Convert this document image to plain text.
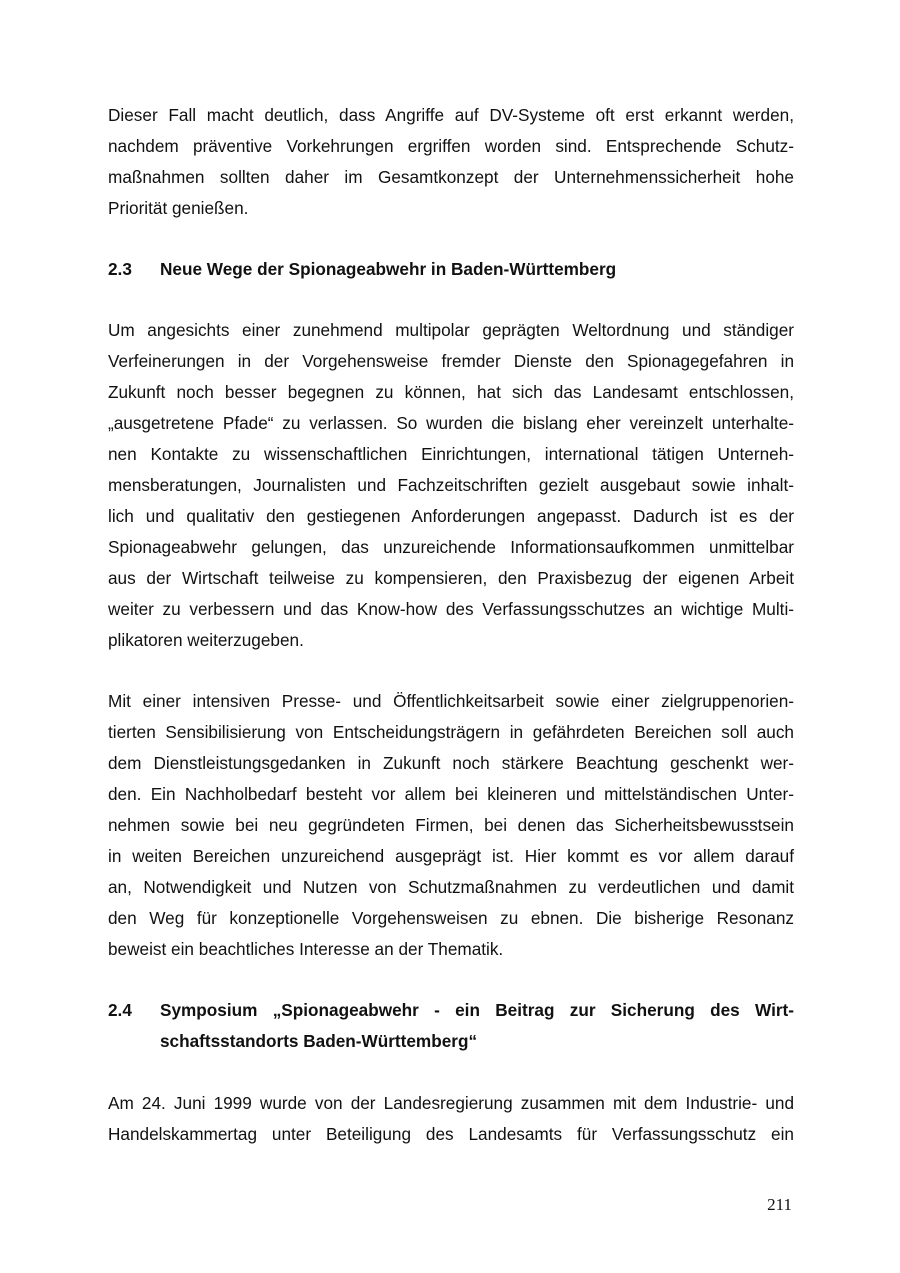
Dieser Fall macht deutlich, dass Angriffe auf DV-Systeme oft erst erkannt werden,
nachdem präventive Vorkehrungen ergriffen worden sind. Entsprechende Schutz-
maßnahmen sollten daher im Gesamtkonzept der Unternehmenssicherheit hohe
Priorität genießen.

2.3 Neue Wege der Spionageabwehr in Baden-Württemberg

Um angesichts einer zunehmend multipolar geprägten Weltordnung und ständiger
Verfeinerungen in der Vorgehensweise fremder Dienste den Spionagegefahren in
Zukunft noch besser begegnen zu können, hat sich das Landesamt entschlossen,
„ausgetretene Pfade“ zu verlassen. So wurden die bislang eher vereinzelt unterhalte-
nen Kontakte zu wissenschaftlichen Einrichtungen, international tätigen Unterneh-
mensberatungen, Journalisten und Fachzeitschriften gezielt ausgebaut sowie inhalt-
lich und qualitativ den gestiegenen Anforderungen angepasst. Dadurch ist es der
Spionageabwehr gelungen, das unzureichende Informationsaufkommen unmittelbar
aus der Wirtschaft teilweise zu kompensieren, den Praxisbezug der eigenen Arbeit
weiter zu verbessern und das Know-how des Verfassungsschutzes an wichtige Multi-
plikatoren weiterzugeben.

Mit einer intensiven Presse- und Öffentlichkeitsarbeit sowie einer zielgruppenorien-
tierten Sensibilisierung von Entscheidungsträgern in gefährdeten Bereichen soll auch
dem Dienstleistungsgedanken in Zukunft noch stärkere Beachtung geschenkt wer-
den. Ein Nachholbedarf besteht vor allem bei kleineren und mittelständischen Unter-
nehmen sowie bei neu gegründeten Firmen, bei denen das Sicherheitsbewusstsein
in weiten Bereichen unzureichend ausgeprägt ist. Hier kommt es vor allem darauf
an, Notwendigkeit und Nutzen von Schutzmaßnahmen zu verdeutlichen und damit
den Weg für konzeptionelle Vorgehensweisen zu ebnen. Die bisherige Resonanz
beweist ein beachtliches Interesse an der Thematik.

2.4 Symposium „Spionageabwehr - ein Beitrag zur Sicherung des Wirt-
schaftsstandorts Baden-Württemberg“

Am 24. Juni 1999 wurde von der Landesregierung zusammen mit dem Industrie- und
Handelskammertag unter Beteiligung des Landesamts für Verfassungsschutz ein

211
